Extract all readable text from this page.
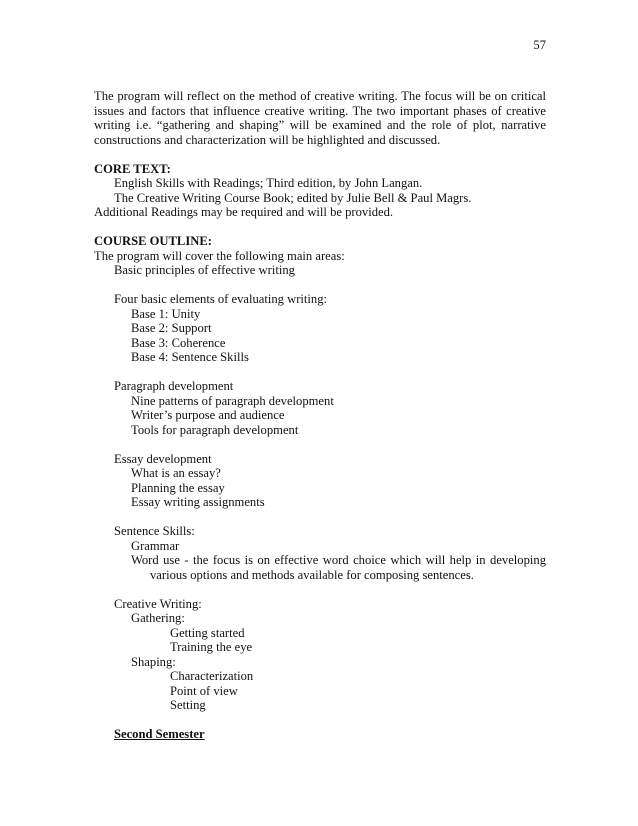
57

The program will reflect on the method of creative writing. The focus will be on critical issues and factors that influence creative writing. The two important phases of creative writing i.e. “gathering and shaping” will be examined and the role of plot, narrative constructions and characterization will be highlighted and discussed.

CORE TEXT:

English Skills with Readings; Third edition, by John Langan.

The Creative Writing Course Book; edited by Julie Bell & Paul Magrs.

Additional Readings may be required and will be provided.

COURSE OUTLINE:

The program will cover the following main areas:

Basic principles of effective writing

Four basic elements of evaluating writing:

Base 1: Unity

Base 2: Support

Base 3: Coherence

Base 4: Sentence Skills

Paragraph development

Nine patterns of paragraph development

Writer’s purpose and audience

Tools for paragraph development

Essay development

What is an essay?

Planning the essay

Essay writing assignments

Sentence Skills:

Grammar

Word use - the focus is on effective word choice which will help in developing various options and methods available for composing sentences.

Creative Writing:

Gathering:

Getting started

Training the eye

Shaping:

Characterization

Point of view

Setting

Second Semester
